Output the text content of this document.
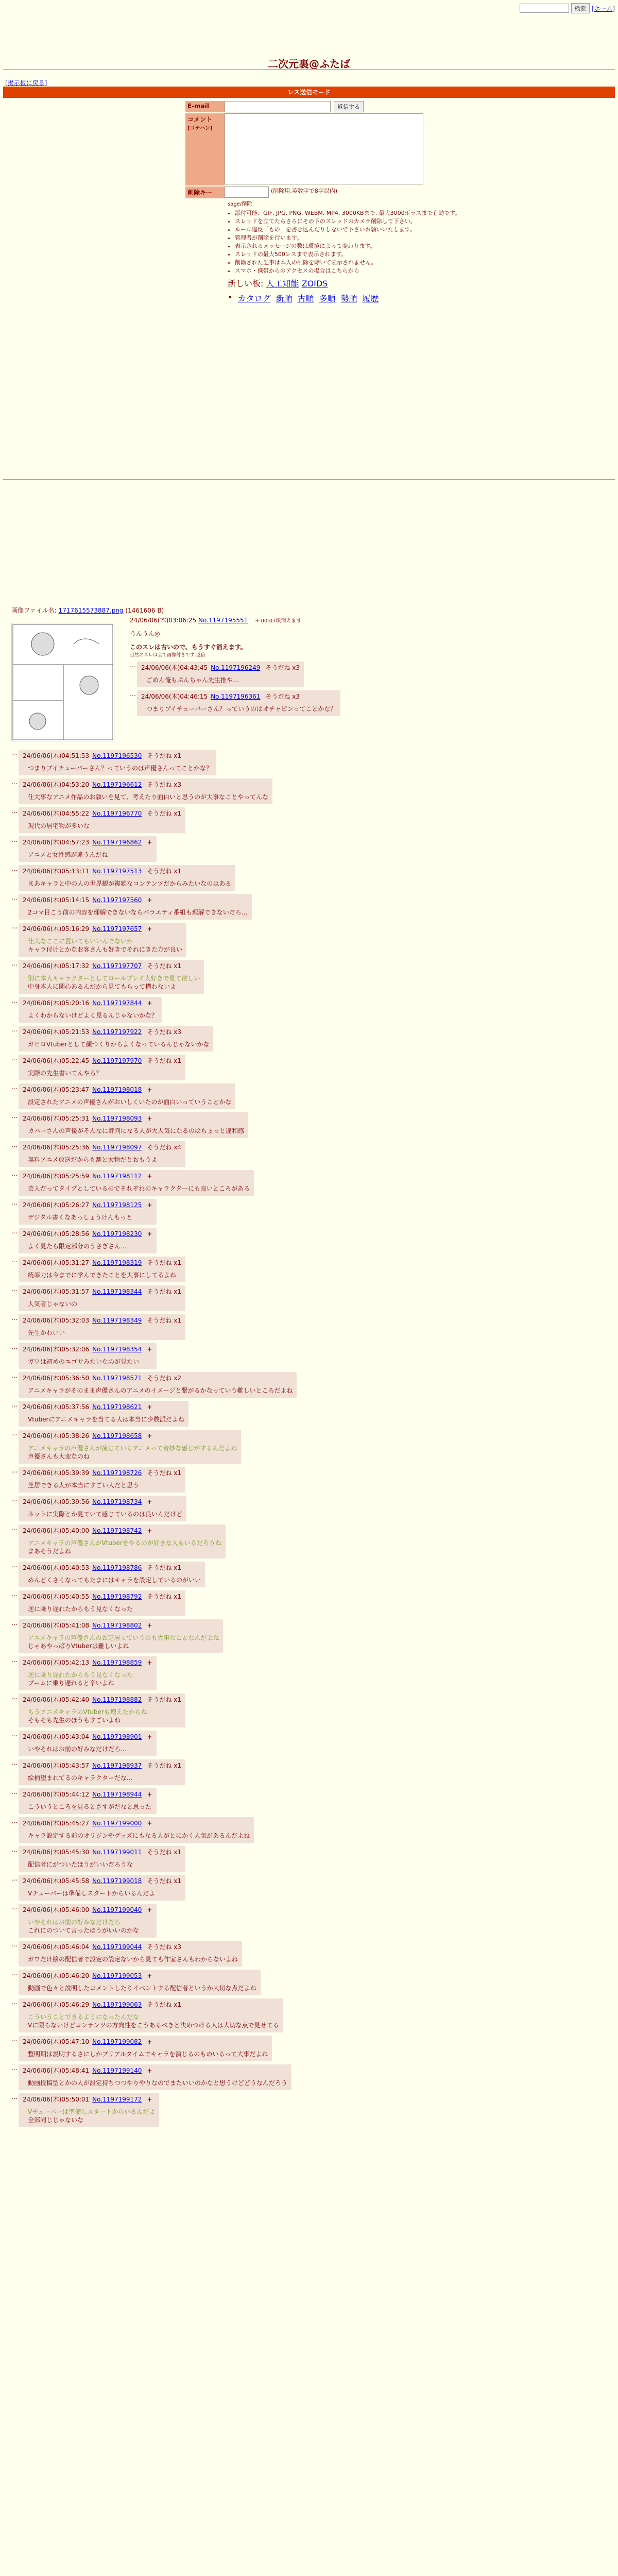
検索 [ホーム]
二次元裏@ふたば
[掲示板に戻る]
レス送信モード
E-mail	返信する
コメント
[コテハン]
削除キー	(削除用.英数字で8字以内)
sage/削除
• 添付可能：GIF, JPG, PNG, WEBM, MP4. 3000KBまで. 最大3000ボラスまで有効です。
• スレッドを立てたらさらにその下のスレッドのカメラ削除して下さい。
• ルール違反「もの」を書き込んだりしないで下さいお願いいたします。
• 管理者が削除を行います。
• 表示されるメッセージの数は環境によって変わります。
• スレッドの最大500レスまで表示されます。
• 削除された記事は本人の削除を除いて表示されません。
• スマホ・携帯からのアクセスの場合はこちらから
新しい板: 人工知能 ZOIDS
• カタログ 新順 古順 多順 勢順 履歴
画像ファイル名: 1717615573887.png (1461606 B)
24/06/06(木)03:06:25 No.1197195551 + 00:07頃消えます

うんうん◎

このスレは古いので、もうすぐ消えます。

自然のスレは全て画像付きです 返信

… 24/06/06(木)04:43:45 No.1197196249 そうだね x3

ごめん俺もぷんちゃん先生推や…

… 24/06/06(木)04:46:15 No.1197196361 そうだね x3

つまりブイチューバーさん？っていうのはオチャピンってことかな？

… 24/06/06(木)04:51:53 No.1197196530 そうだね x1

つまりブイチューバーさん？っていうのは声優さんってことかな？

… 24/06/06(木)04:53:20 No.1197196612 そうだね x3

仕大事なアニメ作品のお願いを見て、考えたり面白いと思うのが大事なことやってんな

… 24/06/06(木)04:55:22 No.1197196770 そうだね x1

現代の居宅物が多いな

… 24/06/06(木)04:57:23 No.1197196862 +

アニメと女性感が違うんだね

… 24/06/06(木)05:13:11 No.1197197513 そうだね x1

まあキャラと中の人の世界観が複雑なコンテンツだからみたいなのはある

… 24/06/06(木)05:14:15 No.1197197560 +

2コマ目こう前の内容を理解できないならバラエティ番組も理解できないだろ…

… 24/06/06(木)05:16:29 No.1197197657 +

仕大なここに置いてもいいんでないか

キャラ付けとかなお客さんも好きでそれにきた方が良い

… 24/06/06(木)05:17:32 No.1197197707 そうだね x1

別に本人キャラクターとしてロールプレイ大好きで見て欲しい

中身本人に関心あるんだから見てもらって構わないよ

… 24/06/06(木)05:20:16 No.1197197844 +

よくわからないけどよく見るんじゃないかな？

… 24/06/06(木)05:21:53 No.1197197922 そうだね x3

ガヒロVtuberとして顔つくりからよくなっているんじゃないかな

… 24/06/06(木)05:22:45 No.1197197970 そうだね x1

実際の先生書いてんやろ？

… 24/06/06(木)05:23:47 No.1197198018 +

設定されたアニメの声優さんがおいしくいたのが面白いっていうことかな

… 24/06/06(木)05:25:31 No.1197198093 +

カバーさんの声優がそんなに評判になる人が大人気になるのはちょっと違和感

… 24/06/06(木)05:25:36 No.1197198097 そうだね x4

無料アニメ放送だからも割と大物だとおもうよ

… 24/06/06(木)05:25:59 No.1197198112 +

芸人だってタイプとしているのでそれぞれのキャラクターにも良いところがある

… 24/06/06(木)05:26:27 No.1197198125 +

デジタル書くなあっしょうけんもっと

… 24/06/06(木)05:28:56 No.1197198230 +

よく見たら限定部分のうさぎさん…

… 24/06/06(木)05:31:27 No.1197198319 そうだね x1

統率力は今までに学んできたことを大事にしてるよね

… 24/06/06(木)05:31:57 No.1197198344 そうだね x1

人気者じゃないの

… 24/06/06(木)05:32:03 No.1197198349 そうだね x1

先生かわいい

… 24/06/06(木)05:32:06 No.1197198354 +

ガワは初めのエゴサみたいなのが見たい

… 24/06/06(木)05:36:50 No.1197198571 そうだね x2

アニメキャラがそのまま声優さんのアニメのイメージと繋がるかなっていう難しいところだよね

… 24/06/06(木)05:37:56 No.1197198621 +

Vtuberにアニメキャラを当てる人は本当に少数派だよね

… 24/06/06(木)05:38:26 No.1197198658 +

アニメキャラの声優さんが演じているアニメって奇妙な感じがするんだよね

声優さんも大変なのね

… 24/06/06(木)05:39:39 No.1197198726 そうだね x1

芝居できる人が本当にすごい人だと思う

… 24/06/06(木)05:39:56 No.1197198734 +

ネットに実際とか見ていて感じているのは良いんだけど

… 24/06/06(木)05:40:00 No.1197198742 +

アニメキャラの声優さんがVtuberをやるのが好きな人もいるだろうね

まあそうだよね

… 24/06/06(木)05:40:53 No.1197198786 そうだね x1

めんどくさくなってもたまにはキャラを設定しているのがいい

… 24/06/06(木)05:40:55 No.1197198792 そうだね x1

逆に乗り遅れたからもう見なくなった

… 24/06/06(木)05:41:08 No.1197198802 +

アニメキャラの声優さんのお芝居っていうのも大事なことなんだよね

じゃあやっぱりVtuberは難しいよね

… 24/06/06(木)05:42:13 No.1197198859 +

逆に乗り遅れたからもう見なくなった

ブームに乗り遅れると辛いよね

… 24/06/06(木)05:42:40 No.1197198882 そうだね x1

もうアニメキャラのVtuberも増えたからね

そもそも先生のほうもすごいよね

… 24/06/06(木)05:43:04 No.1197198901 +

いやそれはお前の好みなだけだろ…

… 24/06/06(木)05:43:57 No.1197198937 そうだね x1

絵柄望まれてるのキャラクターだな…

… 24/06/06(木)05:44:12 No.1197198944 +

こういうところを見るとさすがだなと思った

… 24/06/06(木)05:45:27 No.1197199000 +

キャラ設定する前のオリジンやグッズにもなる人がとにかく人気があるんだよね

… 24/06/06(木)05:45:30 No.1197199011 そうだね x1

配信者にがついたほうがいいだろうな

… 24/06/06(木)05:45:58 No.1197199018 そうだね x1

Vチューバーは準備しスタートからいるんだよ

… 24/06/06(木)05:46:00 No.1197199040 +

いやそれはお前の好みなだけだろ

これにのついて言ったほうがいいのかな

… 24/06/06(木)05:46:04 No.1197199044 そうだね x3

ガワだけ絵の配信者で設定の設定ないから見ても作家さんもわからないよね

… 24/06/06(木)05:46:20 No.1197199053 +

動画で色々と説明したコメントしたりイベントする配信者というか大切な点だよね

… 24/06/06(木)05:46:29 No.1197199063 そうだね x1

こういうことできるようになったんだな

Vに限らないけどコンテンツの方向性をこうあるべきと決めつける人は大切な点で見せてる

… 24/06/06(木)05:47:10 No.1197199082 +

整明期は説明するさにしかプリアルタイムでキャラを演じるのものいるって大事だよね

… 24/06/06(木)05:48:41 No.1197199140 +

動画投稿型とかの人が設定持ちつつやりやりなのでまたいいのかなと思うけどどうなんだろう

… 24/06/06(木)05:50:01 No.1197199172 +

Vチューバーは準備しスタートからいるんだよ

全部同じじゃないな
